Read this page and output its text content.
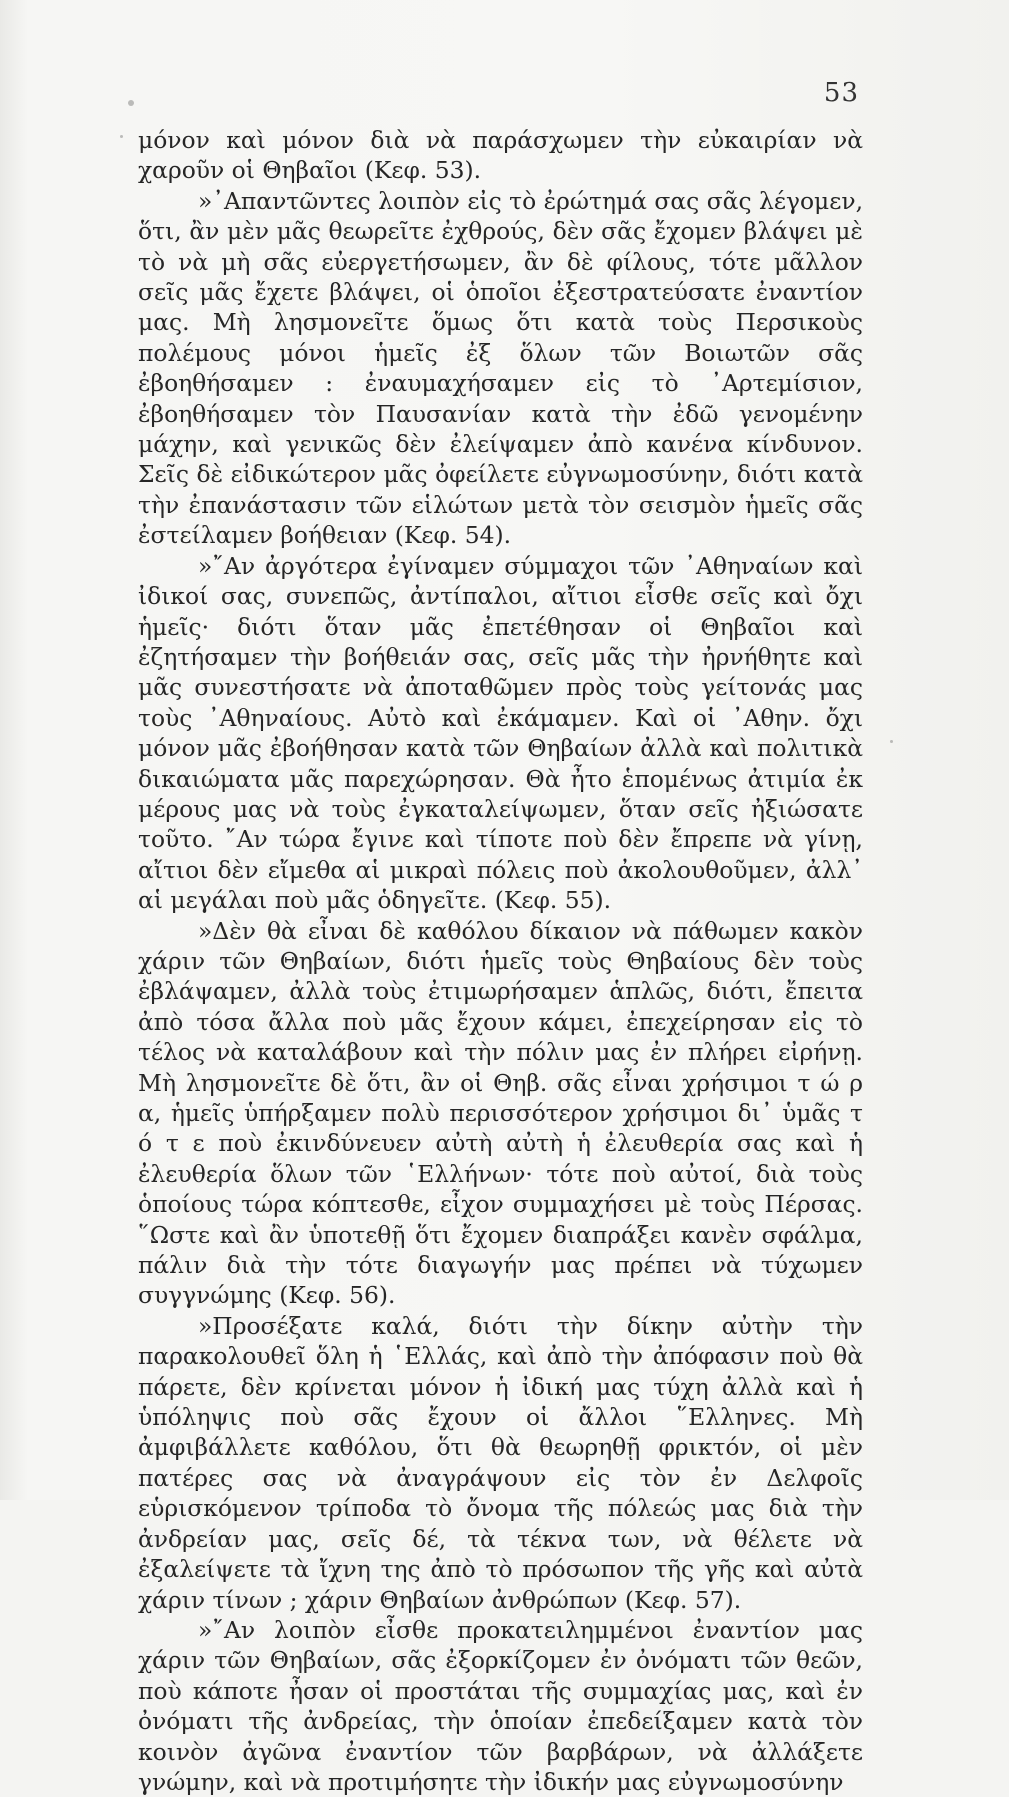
53

μόνον καὶ μόνον διὰ νὰ παράσχωμεν τὴν εὐκαιρίαν νὰ χαροῦν οἱ Θηβαῖοι (Κεφ. 53).

»᾿Απαντῶντες λοιπὸν εἰς τὸ ἐρώτημά σας σᾶς λέγομεν, ὅτι, ἂν μὲν μᾶς θεωρεῖτε ἐχθρούς, δὲν σᾶς ἔχομεν βλάψει μὲ τὸ νὰ μὴ σᾶς εὐεργετήσωμεν, ἂν δὲ φίλους, τότε μᾶλλον σεῖς μᾶς ἔχετε βλάψει, οἱ ὁποῖοι ἐξεστρατεύσατε ἐναντίον μας. Μὴ λησμονεῖτε ὅμως ὅτι κατὰ τοὺς Περσικοὺς πολέμους μόνοι ἡμεῖς ἐξ ὅλων τῶν Βοιωτῶν σᾶς ἐβοηθήσαμεν : ἐναυμαχήσαμεν εἰς τὸ ᾿Αρτεμίσιον, ἐβοηθήσαμεν τὸν Παυσανίαν κατὰ τὴν ἐδῶ γενομένην μάχην, καὶ γενικῶς δὲν ἐλείψαμεν ἀπὸ κανένα κίνδυνον. Σεῖς δὲ εἰδικώτερον μᾶς ὀφείλετε εὐγνωμοσύνην, διότι κατὰ τὴν ἐπανάστασιν τῶν εἱλώτων μετὰ τὸν σεισμὸν ἡμεῖς σᾶς ἐστείλαμεν βοήθειαν (Κεφ. 54).

»῎Αν ἀργότερα ἐγίναμεν σύμμαχοι τῶν ᾿Αθηναίων καὶ ἰδικοί σας, συνεπῶς, ἀντίπαλοι, αἴτιοι εἶσθε σεῖς καὶ ὄχι ἡμεῖς· διότι ὅταν μᾶς ἐπετέθησαν οἱ Θηβαῖοι καὶ ἐζητήσαμεν τὴν βοήθειάν σας, σεῖς μᾶς τὴν ἠρνήθητε καὶ μᾶς συνεστήσατε νὰ ἀποταθῶμεν πρὸς τοὺς γείτονάς μας τοὺς ᾿Αθηναίους. Αὐτὸ καὶ ἐκάμαμεν. Καὶ οἱ ᾿Αθην. ὄχι μόνον μᾶς ἐβοήθησαν κατὰ τῶν Θηβαίων ἀλλὰ καὶ πολιτικὰ δικαιώματα μᾶς παρεχώρησαν. Θὰ ἦτο ἑπομένως ἀτιμία ἐκ μέρους μας νὰ τοὺς ἐγκαταλείψωμεν, ὅταν σεῖς ἠξιώσατε τοῦτο. ῎Αν τώρα ἔγινε καὶ τίποτε ποὺ δὲν ἔπρεπε νὰ γίνῃ, αἴτιοι δὲν εἴμεθα αἱ μικραὶ πόλεις ποὺ ἀκολουθοῦμεν, ἀλλ᾿ αἱ μεγάλαι ποὺ μᾶς ὁδηγεῖτε. (Κεφ. 55).

»Δὲν θὰ εἶναι δὲ καθόλου δίκαιον νὰ πάθωμεν κακὸν χάριν τῶν Θηβαίων, διότι ἡμεῖς τοὺς Θηβαίους δὲν τοὺς ἐβλάψαμεν, ἀλλὰ τοὺς ἐτιμωρήσαμεν ἁπλῶς, διότι, ἔπειτα ἀπὸ τόσα ἄλλα ποὺ μᾶς ἔχουν κάμει, ἐπεχείρησαν εἰς τὸ τέλος νὰ καταλάβουν καὶ τὴν πόλιν μας ἐν πλήρει εἰρήνῃ. Μὴ λησμονεῖτε δὲ ὅτι, ἂν οἱ Θηβ. σᾶς εἶναι χρήσιμοι τ ώ ρ α, ἡμεῖς ὑπήρξαμεν πολὺ περισσότερον χρήσιμοι δι᾿ ὑμᾶς τ ό τ ε ποὺ ἐκινδύνευεν αὐτὴ αὐτὴ ἡ ἐλευθερία σας καὶ ἡ ἐλευθερία ὅλων τῶν ῾Ελλήνων· τότε ποὺ αὐτοί, διὰ τοὺς ὁποίους τώρα κόπτεσθε, εἶχον συμμαχήσει μὲ τοὺς Πέρσας. ῞Ωστε καὶ ἂν ὑποτεθῇ ὅτι ἔχομεν διαπράξει κανὲν σφάλμα, πάλιν διὰ τὴν τότε διαγωγήν μας πρέπει νὰ τύχωμεν συγγνώμης (Κεφ. 56).

»Προσέξατε καλά, διότι τὴν δίκην αὐτὴν τὴν παρακολουθεῖ ὅλη ἡ ῾Ελλάς, καὶ ἀπὸ τὴν ἀπόφασιν ποὺ θὰ πάρετε, δὲν κρίνεται μόνον ἡ ἰδική μας τύχη ἀλλὰ καὶ ἡ ὑπόληψις ποὺ σᾶς ἔχουν οἱ ἄλλοι ῞Ελληνες. Μὴ ἀμφιβάλλετε καθόλου, ὅτι θὰ θεωρηθῇ φρικτόν, οἱ μὲν πατέρες σας νὰ ἀναγράψουν εἰς τὸν ἐν Δελφοῖς εὑρισκόμενον τρίποδα τὸ ὄνομα τῆς πόλεώς μας διὰ τὴν ἀνδρείαν μας, σεῖς δέ, τὰ τέκνα των, νὰ θέλετε νὰ ἐξαλείψετε τὰ ἴχνη της ἀπὸ τὸ πρόσωπον τῆς γῆς καὶ αὐτὰ χάριν τίνων ; χάριν Θηβαίων ἀνθρώπων (Κεφ. 57).

»῎Αν λοιπὸν εἶσθε προκατειλημμένοι ἐναντίον μας χάριν τῶν Θηβαίων, σᾶς ἐξορκίζομεν ἐν ὀνόματι τῶν θεῶν, ποὺ κάποτε ἦσαν οἱ προστάται τῆς συμμαχίας μας, καὶ ἐν ὀνόματι τῆς ἀνδρείας, τὴν ὁποίαν ἐπεδείξαμεν κατὰ τὸν κοινὸν ἀγῶνα ἐναντίον τῶν βαρβάρων, νὰ ἀλλάξετε γνώμην, καὶ νὰ προτιμήσητε τὴν ἰδικήν μας εὐγνωμοσύνην
